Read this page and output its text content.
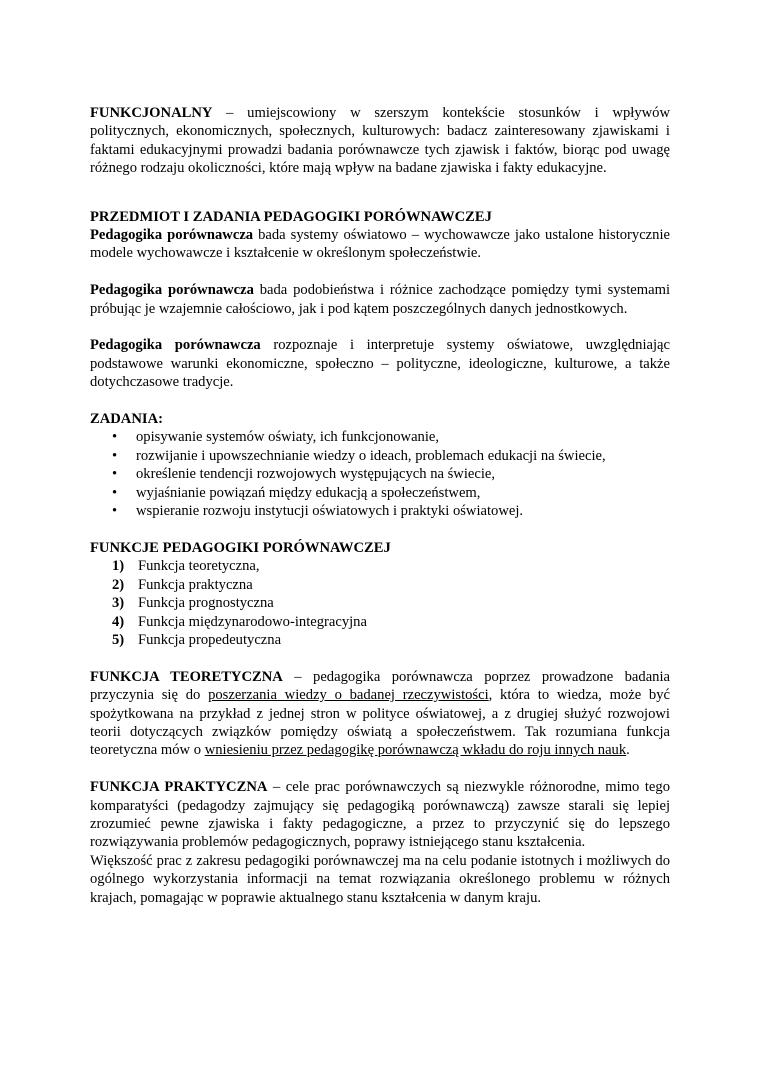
FUNKCJONALNY – umiejscowiony w szerszym kontekście stosunków i wpływów politycznych, ekonomicznych, społecznych, kulturowych: badacz zainteresowany zjawiskami i faktami edukacyjnymi prowadzi badania porównawcze tych zjawisk i faktów, biorąc pod uwagę różnego rodzaju okoliczności, które mają wpływ na badane zjawiska i fakty edukacyjne.

PRZEDMIOT I ZADANIA PEDAGOGIKI PORÓWNAWCZEJ

Pedagogika porównawcza bada systemy oświatowo – wychowawcze jako ustalone historycznie modele wychowawcze i kształcenie w określonym społeczeństwie.

Pedagogika porównawcza bada podobieństwa i różnice zachodzące pomiędzy tymi systemami próbując je wzajemnie całościowo, jak i pod kątem poszczególnych danych jednostkowych.

Pedagogika porównawcza rozpoznaje i interpretuje systemy oświatowe, uwzględniając podstawowe warunki ekonomiczne, społeczno – polityczne, ideologiczne, kulturowe, a także dotychczasowe tradycje.

ZADANIA:
• opisywanie systemów oświaty, ich funkcjonowanie,
• rozwijanie i upowszechnianie wiedzy o ideach, problemach edukacji na świecie,
• określenie tendencji rozwojowych występujących na świecie,
• wyjaśnianie powiązań między edukacją a społeczeństwem,
• wspieranie rozwoju instytucji oświatowych i praktyki oświatowej.
FUNKCJE PEDAGOGIKI PORÓWNAWCZEJ
1) Funkcja teoretyczna,
2) Funkcja praktyczna
3) Funkcja prognostyczna
4) Funkcja międzynarodowo-integracyjna
5) Funkcja propedeutyczna

FUNKCJA TEORETYCZNA – pedagogika porównawcza poprzez prowadzone badania przyczynia się do poszerzania wiedzy o badanej rzeczywistości, która to wiedza, może być spożytkowana na przykład z jednej stron w polityce oświatowej, a z drugiej służyć rozwojowi teorii dotyczących związków pomiędzy oświatą a społeczeństwem. Tak rozumiana funkcja teoretyczna mów o wniesieniu przez pedagogikę porównawczą wkładu do roju innych nauk.

FUNKCJA PRAKTYCZNA – cele prac porównawczych są niezwykle różnorodne, mimo tego komparatyści (pedagodzy zajmujący się pedagogiką porównawczą) zawsze starali się lepiej zrozumieć pewne zjawiska i fakty pedagogiczne, a przez to przyczynić się do lepszego rozwiązywania problemów pedagogicznych, poprawy istniejącego stanu kształcenia.

Większość prac z zakresu pedagogiki porównawczej ma na celu podanie istotnych i możliwych do ogólnego wykorzystania informacji na temat rozwiązania określonego problemu w różnych krajach, pomagając w poprawie aktualnego stanu kształcenia w danym kraju.
